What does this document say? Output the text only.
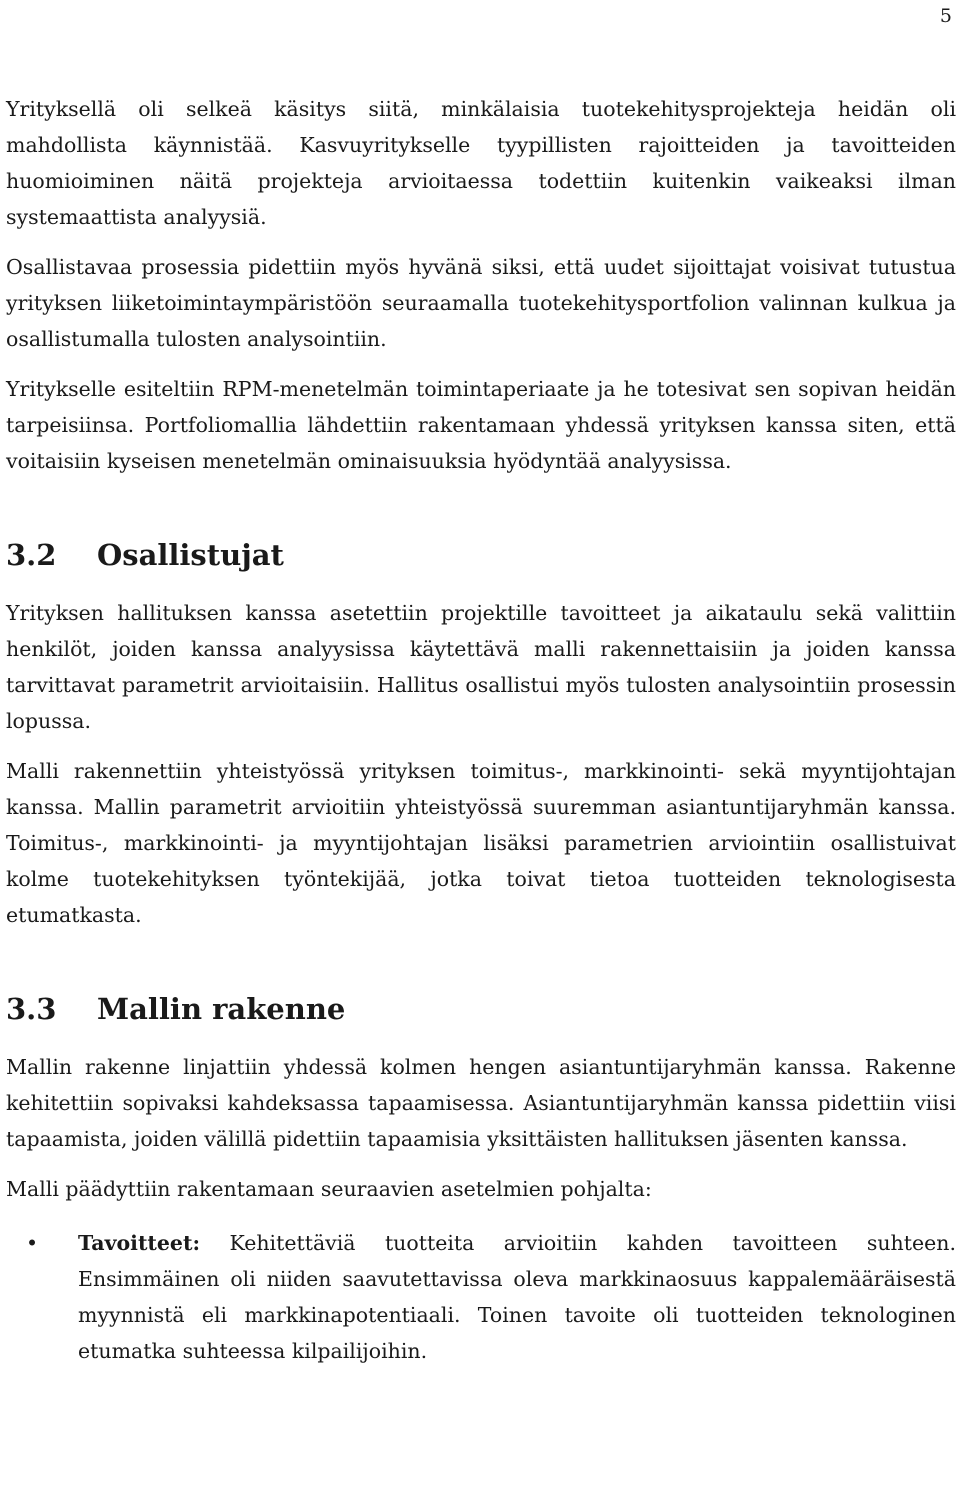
5

Yrityksellä oli selkeä käsitys siitä, minkälaisia tuotekehitysprojekteja heidän oli mahdollista käynnistää. Kasvuyritykselle tyypillisten rajoitteiden ja tavoitteiden huomioiminen näitä projekteja arvioitaessa todettiin kuitenkin vaikeaksi ilman systemaattista analyysiä.

Osallistavaa prosessia pidettiin myös hyvänä siksi, että uudet sijoittajat voisivat tutustua yrityksen liiketoimintaympäristöön seuraamalla tuotekehitysportfolion valinnan kulkua ja osallistumalla tulosten analysointiin.

Yritykselle esiteltiin RPM-menetelmän toimintaperiaate ja he totesivat sen sopivan heidän tarpeisiinsa. Portfoliomallia lähdettiin rakentamaan yhdessä yrityksen kanssa siten, että voitaisiin kyseisen menetelmän ominaisuuksia hyödyntää analyysissa.

3.2 Osallistujat

Yrityksen hallituksen kanssa asetettiin projektille tavoitteet ja aikataulu sekä valittiin henkilöt, joiden kanssa analyysissa käytettävä malli rakennettaisiin ja joiden kanssa tarvittavat parametrit arvioitaisiin. Hallitus osallistui myös tulosten analysointiin prosessin lopussa.

Malli rakennettiin yhteistyössä yrityksen toimitus-, markkinointi- sekä myyntijohtajan kanssa. Mallin parametrit arvioitiin yhteistyössä suuremman asiantuntijaryhmän kanssa. Toimitus-, markkinointi- ja myyntijohtajan lisäksi parametrien arviointiin osallistuivat kolme tuotekehityksen työntekijää, jotka toivat tietoa tuotteiden teknologisesta etumatkasta.

3.3 Mallin rakenne

Mallin rakenne linjattiin yhdessä kolmen hengen asiantuntijaryhmän kanssa. Rakenne kehitettiin sopivaksi kahdeksassa tapaamisessa. Asiantuntijaryhmän kanssa pidettiin viisi tapaamista, joiden välillä pidettiin tapaamisia yksittäisten hallituksen jäsenten kanssa.

Malli päädyttiin rakentamaan seuraavien asetelmien pohjalta:

• Tavoitteet: Kehitettäviä tuotteita arvioitiin kahden tavoitteen suhteen. Ensimmäinen oli niiden saavutettavissa oleva markkinaosuus kappalemääräisestä myynnistä eli markkinapotentiaali. Toinen tavoite oli tuotteiden teknologinen etumatka suhteessa kilpailijoihin.
